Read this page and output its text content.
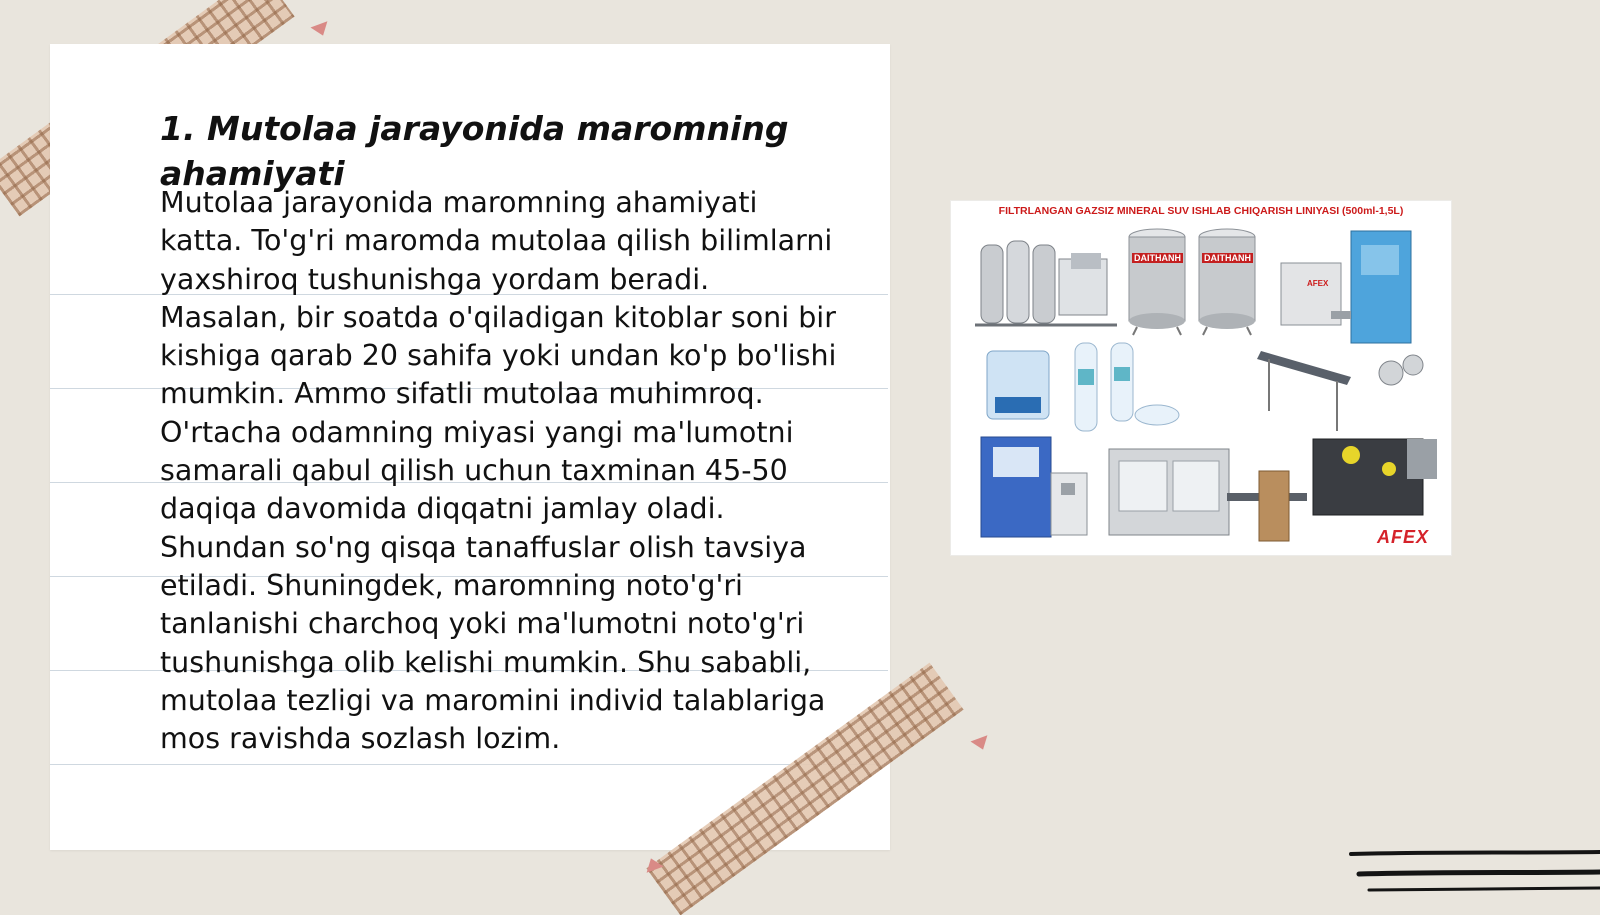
1. Mutolaa jarayonida maromning ahamiyati

Mutolaa jarayonida maromning ahamiyati katta. To'g'ri maromda mutolaa qilish bilimlarni yaxshiroq tushunishga yordam beradi. Masalan, bir soatda o'qiladigan kitoblar soni bir kishiga qarab 20 sahifa yoki undan ko'p bo'lishi mumkin. Ammo sifatli mutolaa muhimroq. O'rtacha odamning miyasi yangi ma'lumotni samarali qabul qilish uchun taxminan 45-50 daqiqa davomida diqqatni jamlay oladi. Shundan so'ng qisqa tanaffuslar olish tavsiya etiladi. Shuningdek, maromning noto'g'ri tanlanishi charchoq yoki ma'lumotni noto'g'ri tushunishga olib kelishi mumkin. Shu sababli, mutolaa tezligi va maromini individ talablariga mos ravishda sozlash lozim.

FILTRLANGAN GAZSIZ MINERAL SUV ISHLAB CHIQARISH LINIYASI (500ml-1,5L)
DAITHANH	DAITHANH
AFEX
AFEX
